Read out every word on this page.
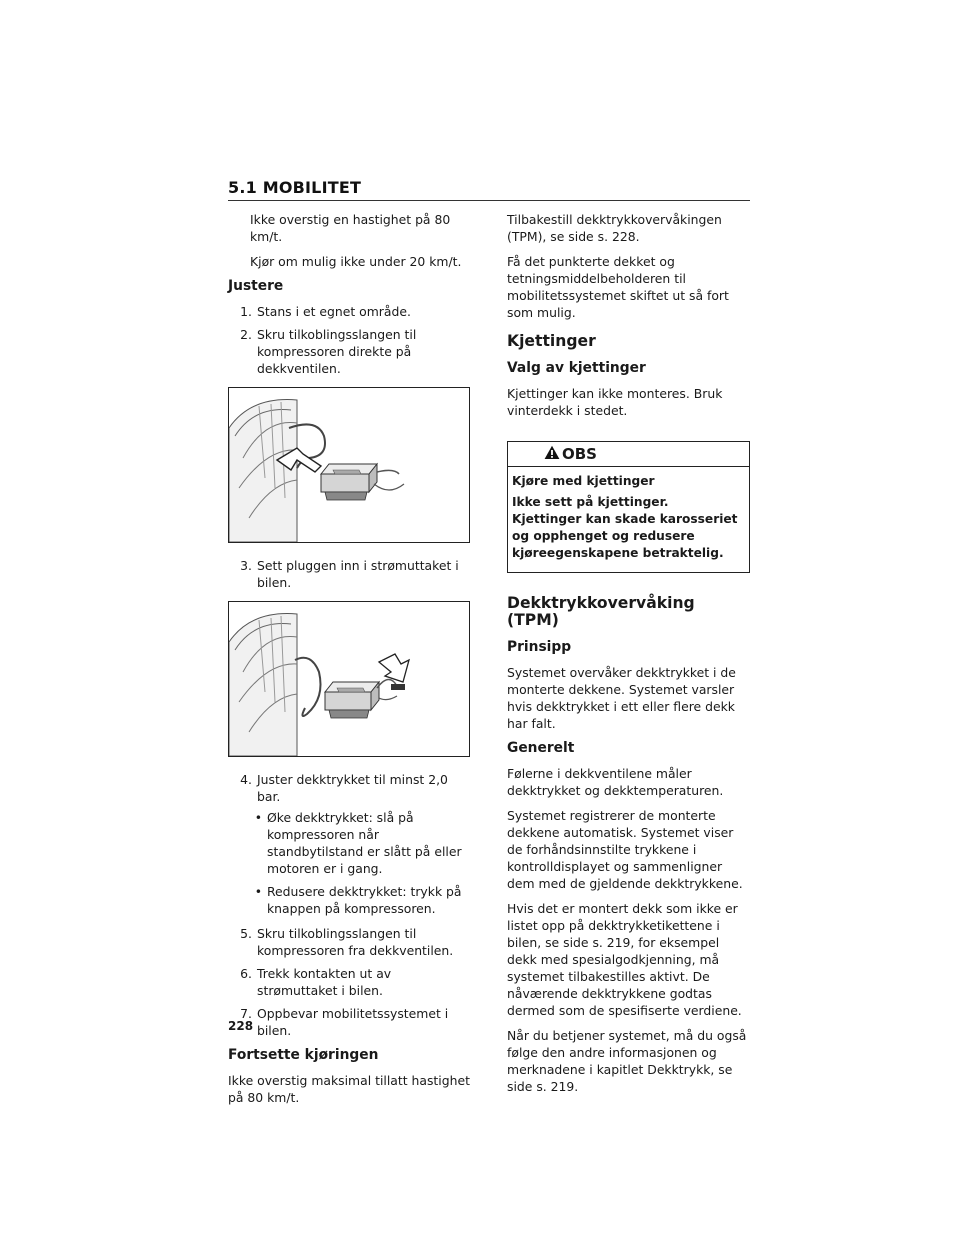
5.1 MOBILITET

Ikke overstig en hastighet på 80 km/t.

Kjør om mulig ikke under 20 km/t.

Justere
1. Stans i et egnet område.
2. Skru tilkoblingsslangen til kompressoren direkte på dekkventilen.
3. Sett pluggen inn i strømuttaket i bilen.
4. Juster dekktrykket til minst 2,0 bar.
• Øke dekktrykket: slå på kompressoren når standbytilstand er slått på eller motoren er i gang.
• Redusere dekktrykket: trykk på knappen på kompressoren.
5. Skru tilkoblingsslangen til kompressoren fra dekkventilen.
6. Trekk kontakten ut av strømuttaket i bilen.
7. Oppbevar mobilitetssystemet i bilen.
Fortsette kjøringen

Ikke overstig maksimal tillatt hastighet på 80 km/t.

Tilbakestill dekktrykkovervåkingen (TPM), se side s. 228.

Få det punkterte dekket og tetningsmiddelbeholderen til mobilitetssystemet skiftet ut så fort som mulig.

Kjettinger
Valg av kjettinger

Kjettinger kan ikke monteres. Bruk vinterdekk i stedet.

OBS

Kjøre med kjettinger

Ikke sett på kjettinger. Kjettinger kan skade karosseriet og opphenget og redusere kjøreegenskapene betraktelig.

Dekktrykkovervåking (TPM)
Prinsipp

Systemet overvåker dekktrykket i de monterte dekkene. Systemet varsler hvis dekktrykket i ett eller flere dekk har falt.

Generelt

Følerne i dekkventilene måler dekktrykket og dekktemperaturen.

Systemet registrerer de monterte dekkene automatisk. Systemet viser de forhåndsinnstilte trykkene i kontrolldisplayet og sammenligner dem med de gjeldende dekktrykkene.

Hvis det er montert dekk som ikke er listet opp på dekktrykketikettene i bilen, se side s. 219, for eksempel dekk med spesialgodkjenning, må systemet tilbakestilles aktivt. De nåværende dekktrykkene godtas dermed som de spesifiserte verdiene.

Når du betjener systemet, må du også følge den andre informasjonen og merknadene i kapitlet Dekktrykk, se side s. 219.

228
